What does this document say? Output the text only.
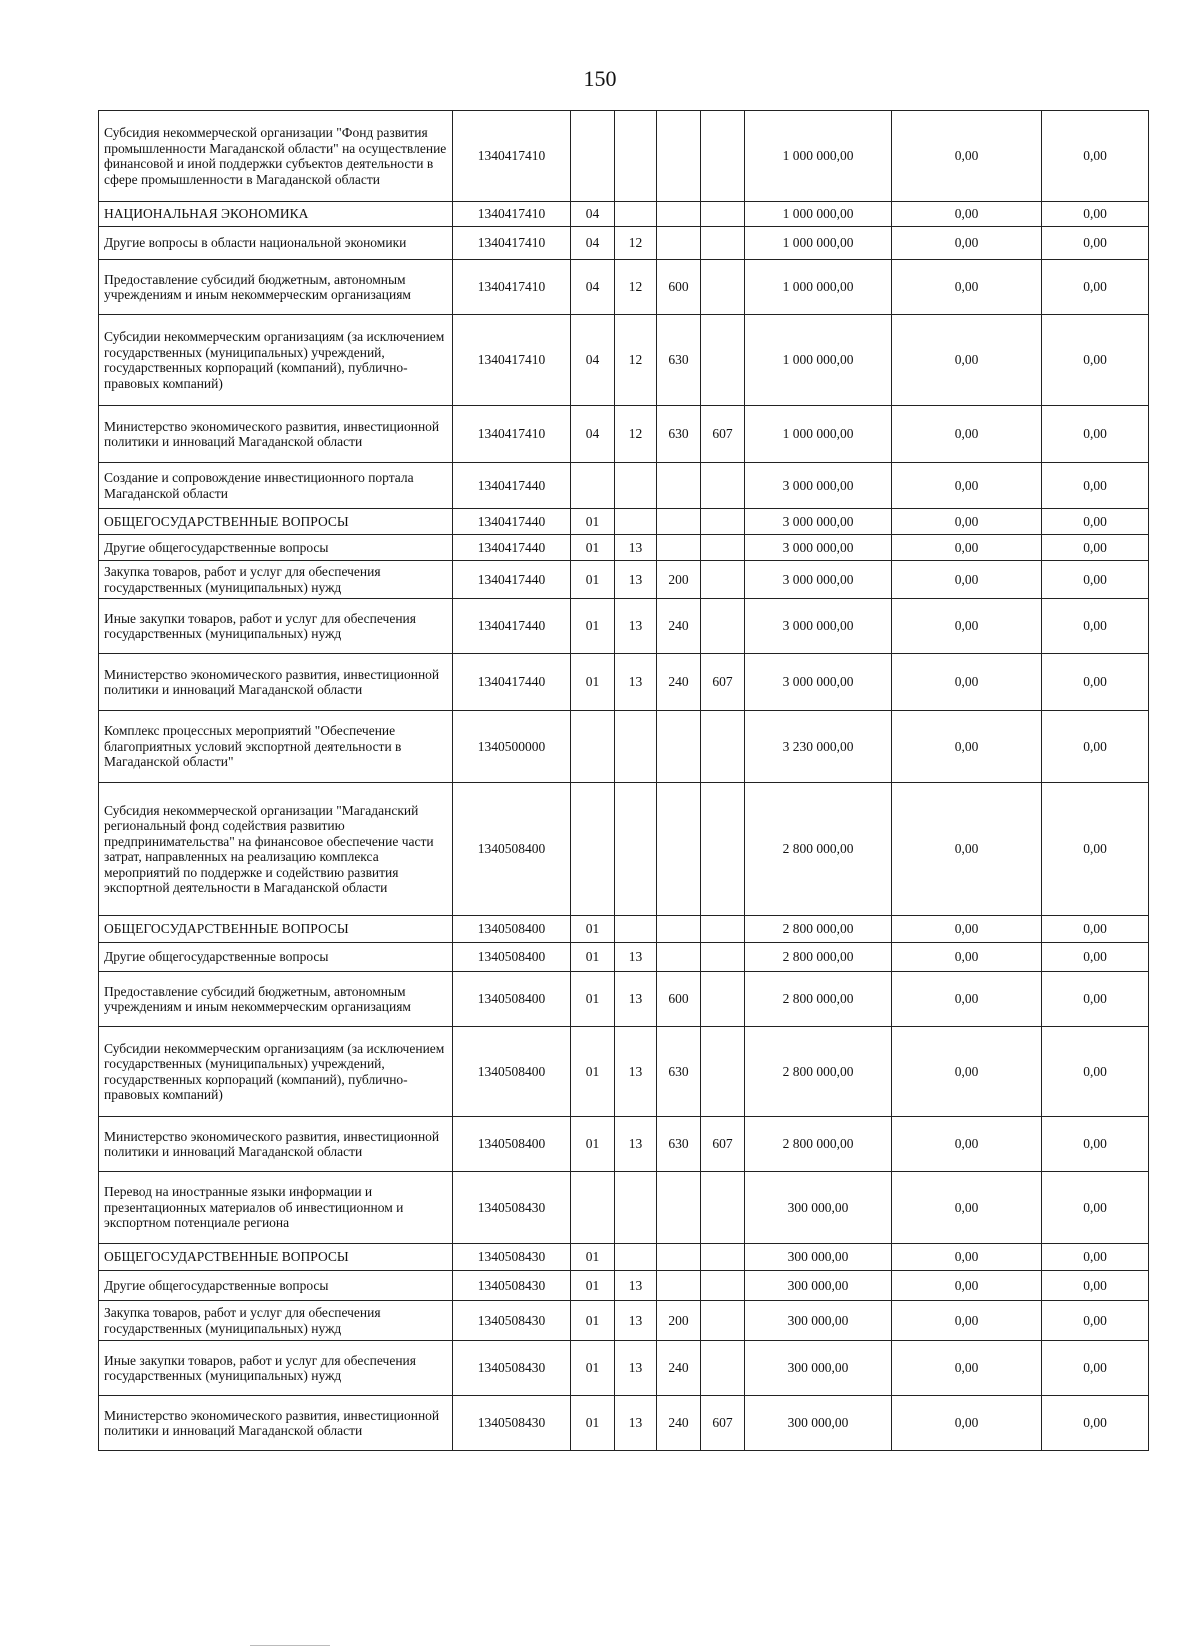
150
Субсидия некоммерческой организации "Фонд развития промышленности Магаданской области" на осуществление финансовой и иной поддержки субъектов деятельности в сфере промышленности в Магаданской области	1340417410					1 000 000,00	0,00	0,00
НАЦИОНАЛЬНАЯ ЭКОНОМИКА	1340417410	04				1 000 000,00	0,00	0,00
Другие вопросы в области национальной экономики	1340417410	04	12			1 000 000,00	0,00	0,00
Предоставление субсидий бюджетным, автономным учреждениям и иным некоммерческим организациям	1340417410	04	12	600		1 000 000,00	0,00	0,00
Субсидии некоммерческим организациям (за исключением государственных (муниципальных) учреждений, государственных корпораций (компаний), публично-правовых компаний)	1340417410	04	12	630		1 000 000,00	0,00	0,00
Министерство экономического развития, инвестиционной политики и инноваций Магаданской области	1340417410	04	12	630	607	1 000 000,00	0,00	0,00
Создание и сопровождение инвестиционного портала Магаданской области	1340417440					3 000 000,00	0,00	0,00
ОБЩЕГОСУДАРСТВЕННЫЕ ВОПРОСЫ	1340417440	01				3 000 000,00	0,00	0,00
Другие общегосударственные вопросы	1340417440	01	13			3 000 000,00	0,00	0,00
Закупка товаров, работ и услуг для обеспечения государственных (муниципальных) нужд	1340417440	01	13	200		3 000 000,00	0,00	0,00
Иные закупки товаров, работ и услуг для обеспечения государственных (муниципальных) нужд	1340417440	01	13	240		3 000 000,00	0,00	0,00
Министерство экономического развития, инвестиционной политики и инноваций Магаданской области	1340417440	01	13	240	607	3 000 000,00	0,00	0,00
Комплекс процессных мероприятий "Обеспечение благоприятных условий экспортной деятельности в Магаданской области"	1340500000					3 230 000,00	0,00	0,00
Субсидия некоммерческой организации "Магаданский региональный фонд содействия развитию предпринимательства" на финансовое обеспечение части затрат, направленных на реализацию комплекса мероприятий по поддержке и содействию развития экспортной деятельности в Магаданской области	1340508400					2 800 000,00	0,00	0,00
ОБЩЕГОСУДАРСТВЕННЫЕ ВОПРОСЫ	1340508400	01				2 800 000,00	0,00	0,00
Другие общегосударственные вопросы	1340508400	01	13			2 800 000,00	0,00	0,00
Предоставление субсидий бюджетным, автономным учреждениям и иным некоммерческим организациям	1340508400	01	13	600		2 800 000,00	0,00	0,00
Субсидии некоммерческим организациям (за исключением государственных (муниципальных) учреждений, государственных корпораций (компаний), публично-правовых компаний)	1340508400	01	13	630		2 800 000,00	0,00	0,00
Министерство экономического развития, инвестиционной политики и инноваций Магаданской области	1340508400	01	13	630	607	2 800 000,00	0,00	0,00
Перевод на иностранные языки информации и презентационных материалов об инвестиционном и экспортном потенциале региона	1340508430					300 000,00	0,00	0,00
ОБЩЕГОСУДАРСТВЕННЫЕ ВОПРОСЫ	1340508430	01				300 000,00	0,00	0,00
Другие общегосударственные вопросы	1340508430	01	13			300 000,00	0,00	0,00
Закупка товаров, работ и услуг для обеспечения государственных (муниципальных) нужд	1340508430	01	13	200		300 000,00	0,00	0,00
Иные закупки товаров, работ и услуг для обеспечения государственных (муниципальных) нужд	1340508430	01	13	240		300 000,00	0,00	0,00
Министерство экономического развития, инвестиционной политики и инноваций Магаданской области	1340508430	01	13	240	607	300 000,00	0,00	0,00
